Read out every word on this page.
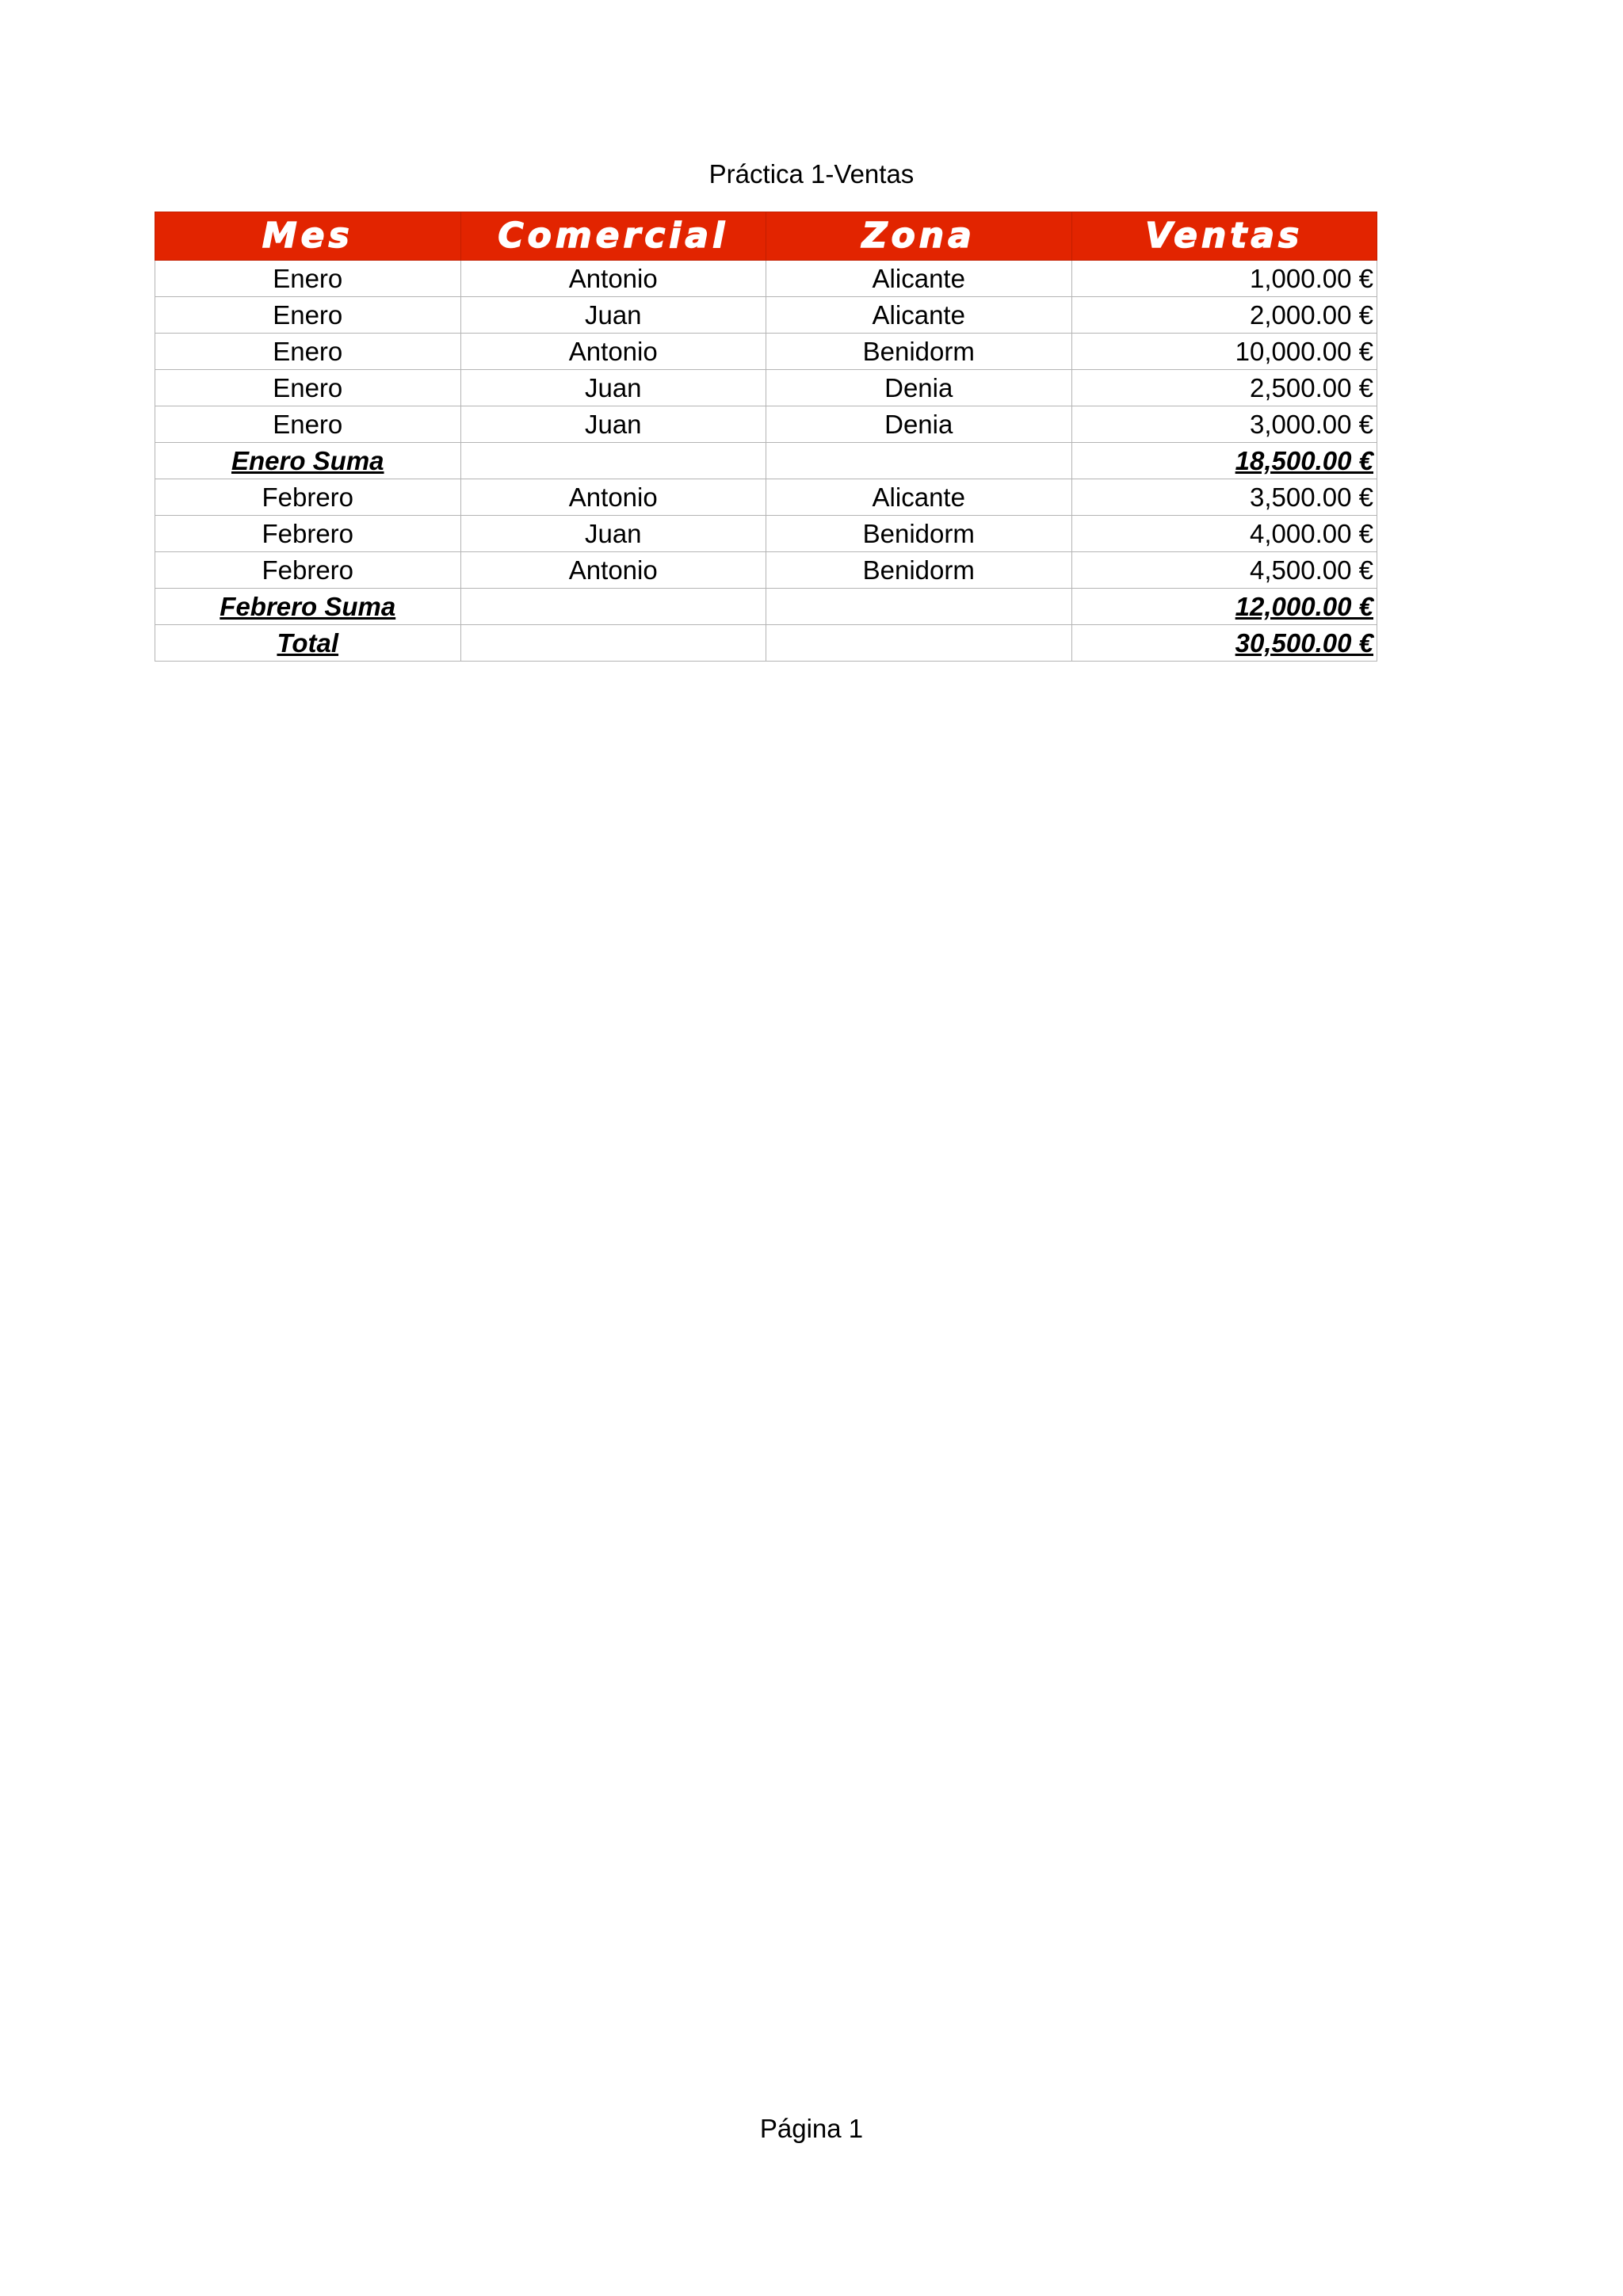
Práctica 1-Ventas
Mes	Comercial	Zona	Ventas
Enero	Antonio	Alicante	1,000.00 €
Enero	Juan	Alicante	2,000.00 €
Enero	Antonio	Benidorm	10,000.00 €
Enero	Juan	Denia	2,500.00 €
Enero	Juan	Denia	3,000.00 €
Enero Suma			18,500.00 €
Febrero	Antonio	Alicante	3,500.00 €
Febrero	Juan	Benidorm	4,000.00 €
Febrero	Antonio	Benidorm	4,500.00 €
Febrero Suma			12,000.00 €
Total			30,500.00 €
Página 1
